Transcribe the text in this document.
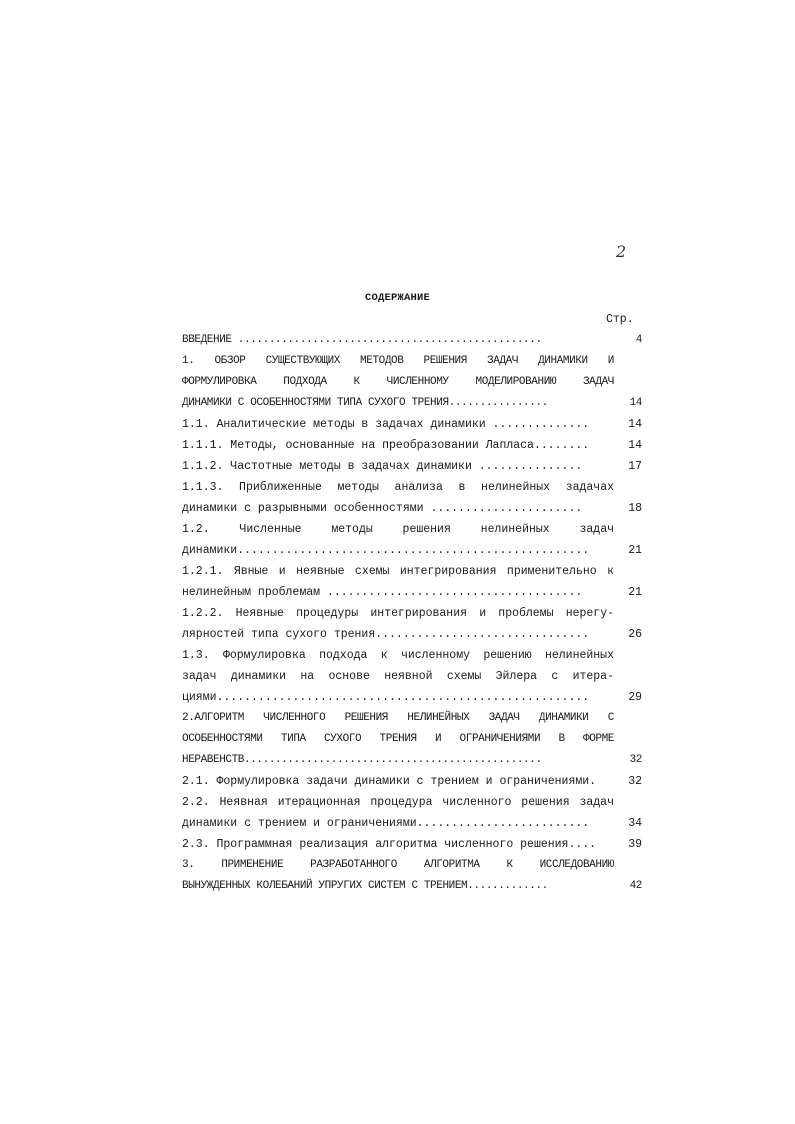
2
СОДЕРЖАНИЕ
Стр.
ВВЕДЕНИЕ .................................................	4
1. ОБЗОР СУЩЕСТВУЮЩИХ МЕТОДОВ РЕШЕНИЯ ЗАДАЧ ДИНАМИКИ И
ФОРМУЛИРОВКА ПОДХОДА К ЧИСЛЕННОМУ МОДЕЛИРОВАНИЮ ЗАДАЧ
ДИНАМИКИ С ОСОБЕННОСТЯМИ ТИПА СУХОГО ТРЕНИЯ................	14
1.1. Аналитические методы в задачах динамики ..............	14
1.1.1. Методы, основанные на преобразовании Лапласа........	14
1.1.2. Частотные методы в задачах динамики ...............	17
1.1.3. Приближенные методы анализа в нелинейных задачах
динамики с разрывными особенностями ......................	18
1.2. Численные методы решения нелинейных задач
динамики...................................................	21
1.2.1. Явные и неявные схемы интегрирования применительно к
нелинейным проблемам .....................................	21
1.2.2. Неявные процедуры интегрирования и проблемы нерегу-
лярностей типа сухого трения...............................	26
1.3. Формулировка подхода к численному решению нелинейных
задач динамики на основе неявной схемы Эйлера с итера-
циями......................................................	29
2.АЛГОРИТМ ЧИСЛЕННОГО РЕШЕНИЯ НЕЛИНЕЙНЫХ ЗАДАЧ ДИНАМИКИ С
ОСОБЕННОСТЯМИ ТИПА СУХОГО ТРЕНИЯ И ОГРАНИЧЕНИЯМИ В ФОРМЕ
НЕРАВЕНСТВ................................................	32
2.1. Формулировка задачи динамики с трением и ограничениями.	32
2.2. Неявная итерационная процедура численного решения задач
динамики с трением и ограничениями.........................	34
2.3. Программная реализация алгоритма численного решения....	39
3. ПРИМЕНЕНИЕ РАЗРАБОТАННОГО АЛГОРИТМА К ИССЛЕДОВАНИЮ
ВЫНУЖДЕННЫХ КОЛЕБАНИЙ УПРУГИХ СИСТЕМ С ТРЕНИЕМ.............	42
